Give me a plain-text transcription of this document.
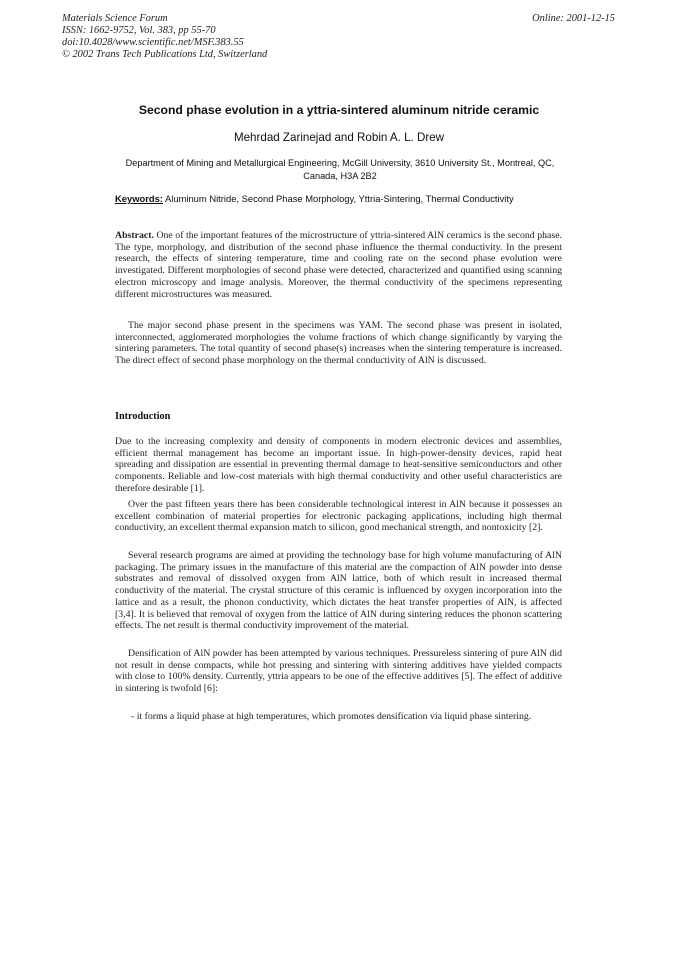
Materials Science Forum
ISSN: 1662-9752, Vol. 383, pp 55-70
doi:10.4028/www.scientific.net/MSF.383.55
© 2002 Trans Tech Publications Ltd, Switzerland
Online: 2001-12-15
Second phase evolution in a yttria-sintered aluminum nitride ceramic
Mehrdad Zarinejad and Robin A. L. Drew
Department of Mining and Metallurgical Engineering, McGill University, 3610 University St., Montreal, QC, Canada, H3A 2B2
Keywords: Aluminum Nitride, Second Phase Morphology, Yttria-Sintering, Thermal Conductivity

Abstract. One of the important features of the microstructure of yttria-sintered AlN ceramics is the second phase. The type, morphology, and distribution of the second phase influence the thermal conductivity. In the present research, the effects of sintering temperature, time and cooling rate on the second phase evolution were investigated. Different morphologies of second phase were detected, characterized and quantified using scanning electron microscopy and image analysis. Moreover, the thermal conductivity of the specimens representing different microstructures was measured.

The major second phase present in the specimens was YAM. The second phase was present in isolated, interconnected, agglomerated morphologies the volume fractions of which change significantly by varying the sintering parameters. The total quantity of second phase(s) increases when the sintering temperature is increased. The direct effect of second phase morphology on the thermal conductivity of AlN is discussed.

Introduction

Due to the increasing complexity and density of components in modern electronic devices and assemblies, efficient thermal management has become an important issue. In high-power-density devices, rapid heat spreading and dissipation are essential in preventing thermal damage to heat-sensitive semiconductors and other components. Reliable and low-cost materials with high thermal conductivity and other useful characteristics are therefore desirable [1].

Over the past fifteen years there has been considerable technological interest in AlN because it possesses an excellent combination of material properties for electronic packaging applications, including high thermal conductivity, an excellent thermal expansion match to silicon, good mechanical strength, and nontoxicity [2].

Several research programs are aimed at providing the technology base for high volume manufacturing of AlN packaging. The primary issues in the manufacture of this material are the compaction of AlN powder into dense substrates and removal of dissolved oxygen from AlN lattice, both of which result in increased thermal conductivity of the material. The crystal structure of this ceramic is influenced by oxygen incorporation into the lattice and as a result, the phonon conductivity, which dictates the heat transfer properties of AlN, is affected [3,4]. It is believed that removal of oxygen from the lattice of AlN during sintering reduces the phonon scattering effects. The net result is thermal conductivity improvement of the material.

Densification of AlN powder has been attempted by various techniques. Pressureless sintering of pure AlN did not result in dense compacts, while hot pressing and sintering with sintering additives have yielded compacts with close to 100% density. Currently, yttria appears to be one of the effective additives [5]. The effect of additive in sintering is twofold [6]:

- it forms a liquid phase at high temperatures, which promotes densification via liquid phase sintering.
